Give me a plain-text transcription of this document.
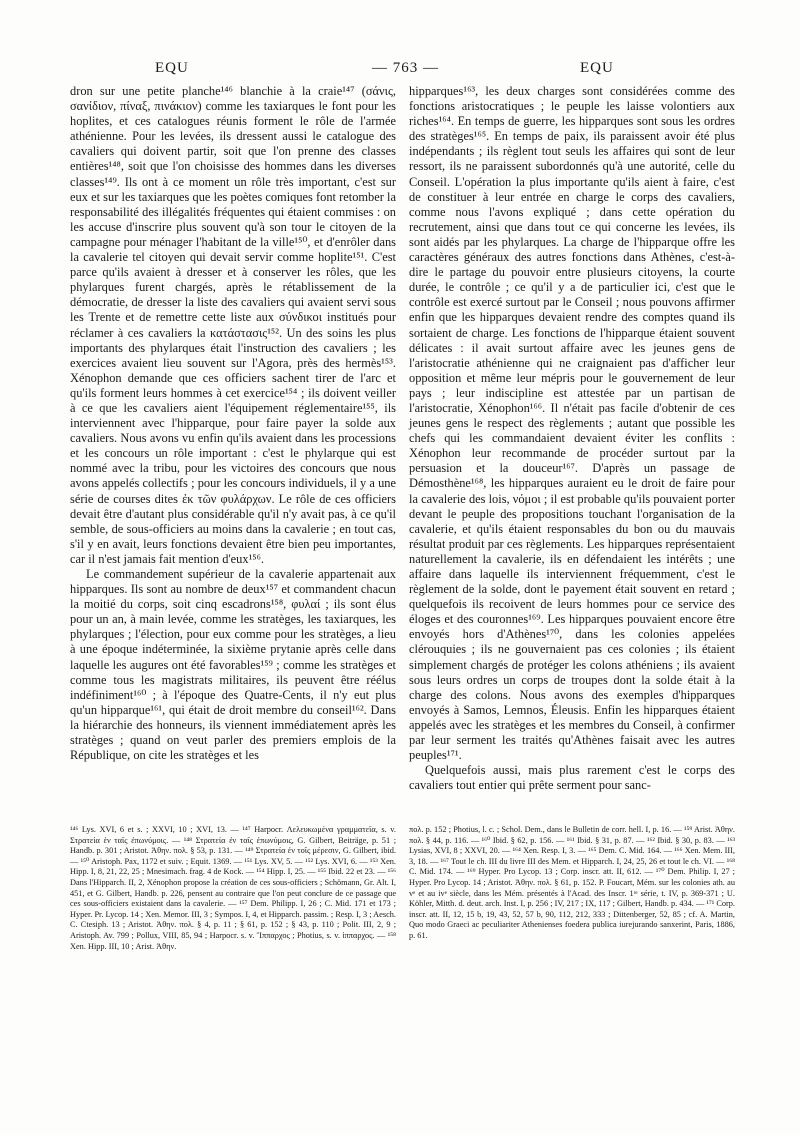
EQU	— 763 —	EQU

dron sur une petite planche¹⁴⁶ blanchie à la craie¹⁴⁷ (σάνις, σανίδιον, πίναξ, πινάκιον) comme les taxiarques le font pour les hoplites, et ces catalogues réunis forment le rôle de l'armée athénienne. Pour les levées, ils dressent aussi le catalogue des cavaliers qui doivent partir, soit que l'on prenne des classes entières¹⁴⁸, soit que l'on choisisse des hommes dans les diverses classes¹⁴⁹. Ils ont à ce moment un rôle très important, c'est sur eux et sur les taxiarques que les poètes comiques font retomber la responsabilité des illégalités fréquentes qui étaient commises : on les accuse d'inscrire plus souvent qu'à son tour le citoyen de la campagne pour ménager l'habitant de la ville¹⁵⁰, et d'enrôler dans la cavalerie tel citoyen qui devait servir comme hoplite¹⁵¹. C'est parce qu'ils avaient à dresser et à conserver les rôles, que les phylarques furent chargés, après le rétablissement de la démocratie, de dresser la liste des cavaliers qui avaient servi sous les Trente et de remettre cette liste aux σύνδικοι institués pour réclamer à ces cavaliers la κατάστασις¹⁵². Un des soins les plus importants des phylarques était l'instruction des cavaliers ; les exercices avaient lieu souvent sur l'Agora, près des hermès¹⁵³. Xénophon demande que ces officiers sachent tirer de l'arc et qu'ils forment leurs hommes à cet exercice¹⁵⁴ ; ils doivent veiller à ce que les cavaliers aient l'équipement réglementaire¹⁵⁵, ils interviennent avec l'hipparque, pour faire payer la solde aux cavaliers. Nous avons vu enfin qu'ils avaient dans les processions et les concours un rôle important : c'est le phylarque qui est nommé avec la tribu, pour les victoires des concours que nous avons appelés collectifs ; pour les concours individuels, il y a une série de courses dites ἐκ τῶν φυλάρχων. Le rôle de ces officiers devait être d'autant plus considérable qu'il n'y avait pas, à ce qu'il semble, de sous-officiers au moins dans la cavalerie ; en tout cas, s'il y en avait, leurs fonctions devaient être bien peu importantes, car il n'est jamais fait mention d'eux¹⁵⁶.

Le commandement supérieur de la cavalerie appartenait aux hipparques. Ils sont au nombre de deux¹⁵⁷ et commandent chacun la moitié du corps, soit cinq escadrons¹⁵⁸, φυλαί ; ils sont élus pour un an, à main levée, comme les stratèges, les taxiarques, les phylarques ; l'élection, pour eux comme pour les stratèges, a lieu à une époque indéterminée, la sixième prytanie après celle dans laquelle les augures ont été favorables¹⁵⁹ ; comme les stratèges et comme tous les magistrats militaires, ils peuvent être réélus indéfiniment¹⁶⁰ ; à l'époque des Quatre-Cents, il n'y eut plus qu'un hipparque¹⁶¹, qui était de droit membre du conseil¹⁶². Dans la hiérarchie des honneurs, ils viennent immédiatement après les stratèges ; quand on veut parler des premiers emplois de la République, on cite les stratèges et les

hipparques¹⁶³, les deux charges sont considérées comme des fonctions aristocratiques ; le peuple les laisse volontiers aux riches¹⁶⁴. En temps de guerre, les hipparques sont sous les ordres des stratèges¹⁶⁵. En temps de paix, ils paraissent avoir été plus indépendants ; ils règlent tout seuls les affaires qui sont de leur ressort, ils ne paraissent subordonnés qu'à une autorité, celle du Conseil. L'opération la plus importante qu'ils aient à faire, c'est de constituer à leur entrée en charge le corps des cavaliers, comme nous l'avons expliqué ; dans cette opération du recrutement, ainsi que dans tout ce qui concerne les levées, ils sont aidés par les phylarques. La charge de l'hipparque offre les caractères généraux des autres fonctions dans Athènes, c'est-à-dire le partage du pouvoir entre plusieurs citoyens, la courte durée, le contrôle ; ce qu'il y a de particulier ici, c'est que le contrôle est exercé surtout par le Conseil ; nous pouvons affirmer enfin que les hipparques devaient rendre des comptes quand ils sortaient de charge. Les fonctions de l'hipparque étaient souvent délicates : il avait surtout affaire avec les jeunes gens de l'aristocratie athénienne qui ne craignaient pas d'afficher leur opposition et même leur mépris pour le gouvernement de leur pays ; leur indiscipline est attestée par un partisan de l'aristocratie, Xénophon¹⁶⁶. Il n'était pas facile d'obtenir de ces jeunes gens le respect des règlements ; autant que possible les chefs qui les commandaient devaient éviter les conflits : Xénophon leur recommande de procéder surtout par la persuasion et la douceur¹⁶⁷. D'après un passage de Démosthène¹⁶⁸, les hipparques auraient eu le droit de faire pour la cavalerie des lois, νόμοι ; il est probable qu'ils pouvaient porter devant le peuple des propositions touchant l'organisation de la cavalerie, et qu'ils étaient responsables du bon ou du mauvais résultat produit par ces règlements. Les hipparques représentaient naturellement la cavalerie, ils en défendaient les intérêts ; une affaire dans laquelle ils interviennent fréquemment, c'est le règlement de la solde, dont le payement était souvent en retard ; quelquefois ils recoivent de leurs hommes pour ce service des éloges et des couronnes¹⁶⁹. Les hipparques pouvaient encore être envoyés hors d'Athènes¹⁷⁰, dans les colonies appelées clérouquies ; ils ne gouvernaient pas ces colonies ; ils étaient simplement chargés de protéger les colons athéniens ; ils avaient sous leurs ordres un corps de troupes dont la solde était à la charge des colons. Nous avons des exemples d'hipparques envoyés à Samos, Lemnos, Éleusis. Enfin les hipparques étaient appelés avec les stratèges et les membres du Conseil, à confirmer par leur serment les traités qu'Athènes faisait avec les autres peuples¹⁷¹.

Quelquefois aussi, mais plus rarement c'est le corps des cavaliers tout entier qui prête serment pour sanc-

¹⁴⁶ Lys. XVI, 6 et s. ; XXVI, 10 ; XVI, 13. — ¹⁴⁷ Harpocr. Λελευκωμένα γραμματεῖα, s. v. Στρατεία ἐν ταῖς ἐπωνύμοις. — ¹⁴⁸ Στρατεία ἐν ταῖς ἐπωνύμοις, G. Gilbert, Beiträge, p. 51 ; Handb. p. 301 ; Aristot. Ἀθην. πολ. § 53, p. 131. — ¹⁴⁹ Στρατεία ἐν τοῖς μέρεσιν, G. Gilbert, ibid. — ¹⁵⁰ Aristoph. Pax, 1172 et suiv. ; Equit. 1369. — ¹⁵¹ Lys. XV, 5. — ¹⁵² Lys. XVI, 6. — ¹⁵³ Xen. Hipp. I, 8, 21, 22, 25 ; Mnesimach. frag. 4 de Kock. — ¹⁵⁴ Hipp. I, 25. — ¹⁵⁵ Ibid. 22 et 23. — ¹⁵⁶ Dans l'Hipparch. II, 2, Xénophon propose la création de ces sous-officiers ; Schömann, Gr. Alt. I, 451, et G. Gilbert, Handb. p. 226, pensent au contraire que l'on peut conclure de ce passage que ces sous-officiers existaient dans la cavalerie. — ¹⁵⁷ Dem. Philipp. I, 26 ; C. Mid. 171 et 173 ; Hyper. Pr. Lycop. 14 ; Xen. Memor. III, 3 ; Sympos. I, 4, et Hipparch. passim. ; Resp. I, 3 ; Aesch. C. Ctesiph. 13 ; Aristot. Ἀθην. πολ. § 4, p. 11 ; § 61, p. 152 ; § 43, p. 110 ; Polit. III, 2, 9 ; Aristoph. Av. 799 ; Pollux, VIII, 85, 94 ; Harpocr. s. v. Ἵππαρχος ; Photius, s. v. ἱππαρχος. — ¹⁵⁸ Xen. Hipp. III, 10 ; Arist. Ἀθην.

πολ. p. 152 ; Photius, l. c. ; Schol. Dem., dans le Bulletin de corr. hell. I, p. 16. — ¹⁵⁹ Arist. Ἀθην. πολ. § 44, p. 116. — ¹⁶⁰ Ibid. § 62, p. 156. — ¹⁶¹ Ibid. § 31, p. 87. — ¹⁶² Ibid. § 30, p. 83. — ¹⁶³ Lysias, XVI, 8 ; XXVI, 20. — ¹⁶⁴ Xen. Resp. I, 3. — ¹⁶⁵ Dem. C. Mid. 164. — ¹⁶⁶ Xen. Mem. III, 3, 18. — ¹⁶⁷ Tout le ch. III du livre III des Mem. et Hipparch. I, 24, 25, 26 et tout le ch. VI. — ¹⁶⁸ C. Mid. 174. — ¹⁶⁹ Hyper. Pro Lycop. 13 ; Corp. inscr. att. II, 612. — ¹⁷⁰ Dem. Philip. I, 27 ; Hyper. Pro Lycop. 14 ; Aristot. Ἀθην. πολ. § 61, p. 152. P. Foucart, Mém. sur les colonies ath. au vᵉ et au ivᵉ siècle, dans les Mém. présentés à l'Acad. des Inscr. 1ʳᵉ série, t. IV, p. 369-371 ; U. Köhler, Mitth. d. deut. arch. Inst. I, p. 256 ; IV, 217 ; IX, 117 ; Gilbert, Handb. p. 434. — ¹⁷¹ Corp. inscr. att. II, 12, 15 b, 19, 43, 52, 57 b, 90, 112, 212, 333 ; Dittenberger, 52, 85 ; cf. A. Martin, Quo modo Graeci ac peculiariter Athenienses foedera publica iurejurando sanxerint, Paris, 1886, p. 61.
